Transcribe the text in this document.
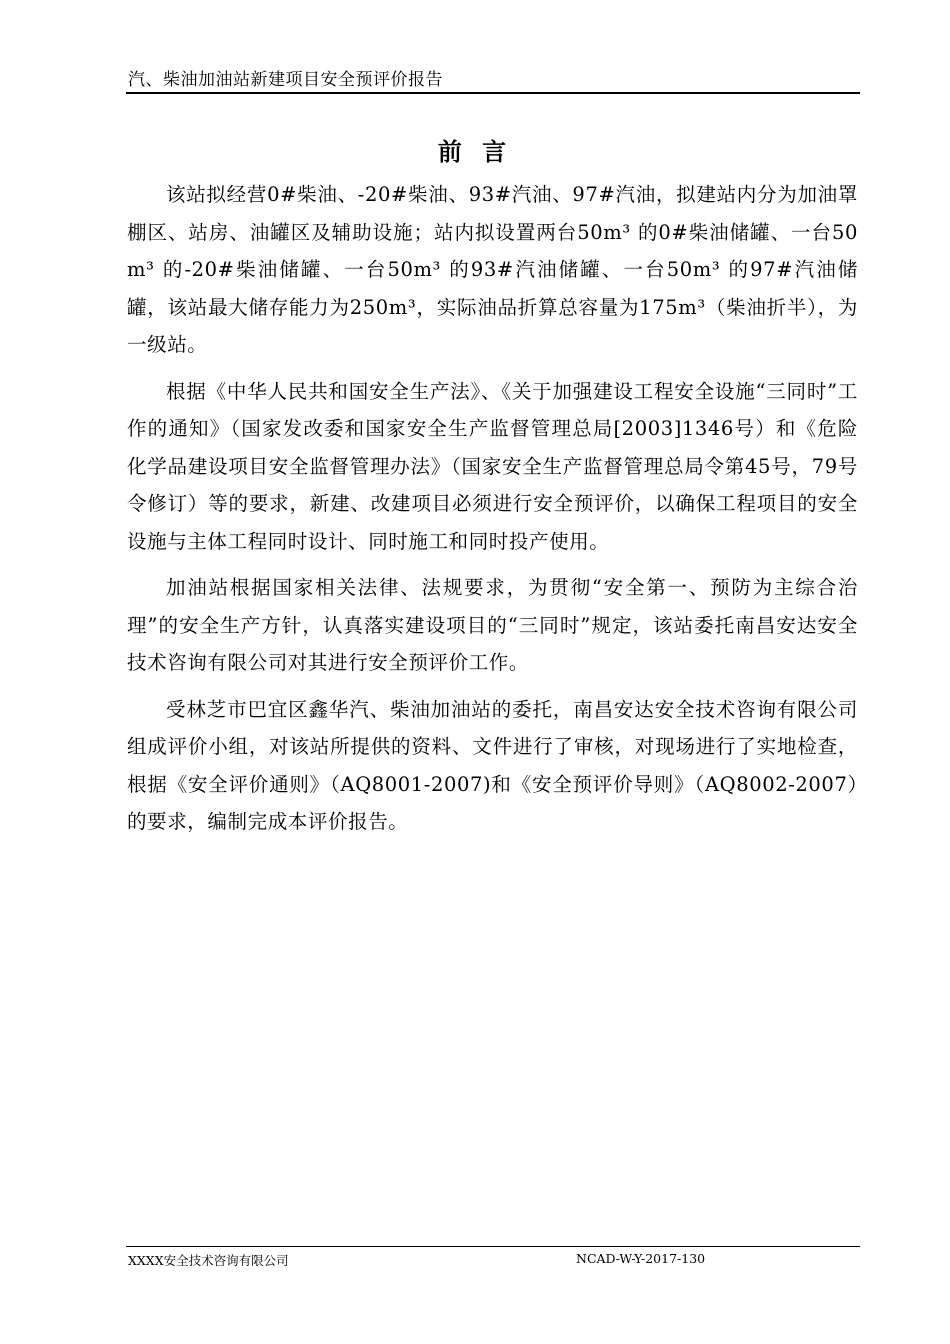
汽、柴油加油站新建项目安全预评价报告
前 言

该站拟经营0#柴油、-20#柴油、93#汽油、97#汽油，拟建站内分为加油罩棚区、站房、油罐区及辅助设施；站内拟设置两台50m³ 的0#柴油储罐、一台50m³ 的-20#柴油储罐、一台50m³ 的93#汽油储罐、一台50m³ 的97#汽油储罐，该站最大储存能力为250m³，实际油品折算总容量为175m³（柴油折半），为一级站。

根据《中华人民共和国安全生产法》、《关于加强建设工程安全设施“三同时”工作的通知》（国家发改委和国家安全生产监督管理总局[2003]1346号）和《危险化学品建设项目安全监督管理办法》（国家安全生产监督管理总局令第45号，79号令修订）等的要求，新建、改建项目必须进行安全预评价，以确保工程项目的安全设施与主体工程同时设计、同时施工和同时投产使用。

加油站根据国家相关法律、法规要求，为贯彻“安全第一、预防为主综合治理”的安全生产方针，认真落实建设项目的“三同时”规定，该站委托南昌安达安全技术咨询有限公司对其进行安全预评价工作。

受林芝市巴宜区鑫华汽、柴油加油站的委托，南昌安达安全技术咨询有限公司组成评价小组，对该站所提供的资料、文件进行了审核，对现场进行了实地检查，根据《安全评价通则》（AQ8001-2007)和《安全预评价导则》（AQ8002-2007）的要求，编制完成本评价报告。

XXXX安全技术咨询有限公司	NCAD-W-Y-2017-130
